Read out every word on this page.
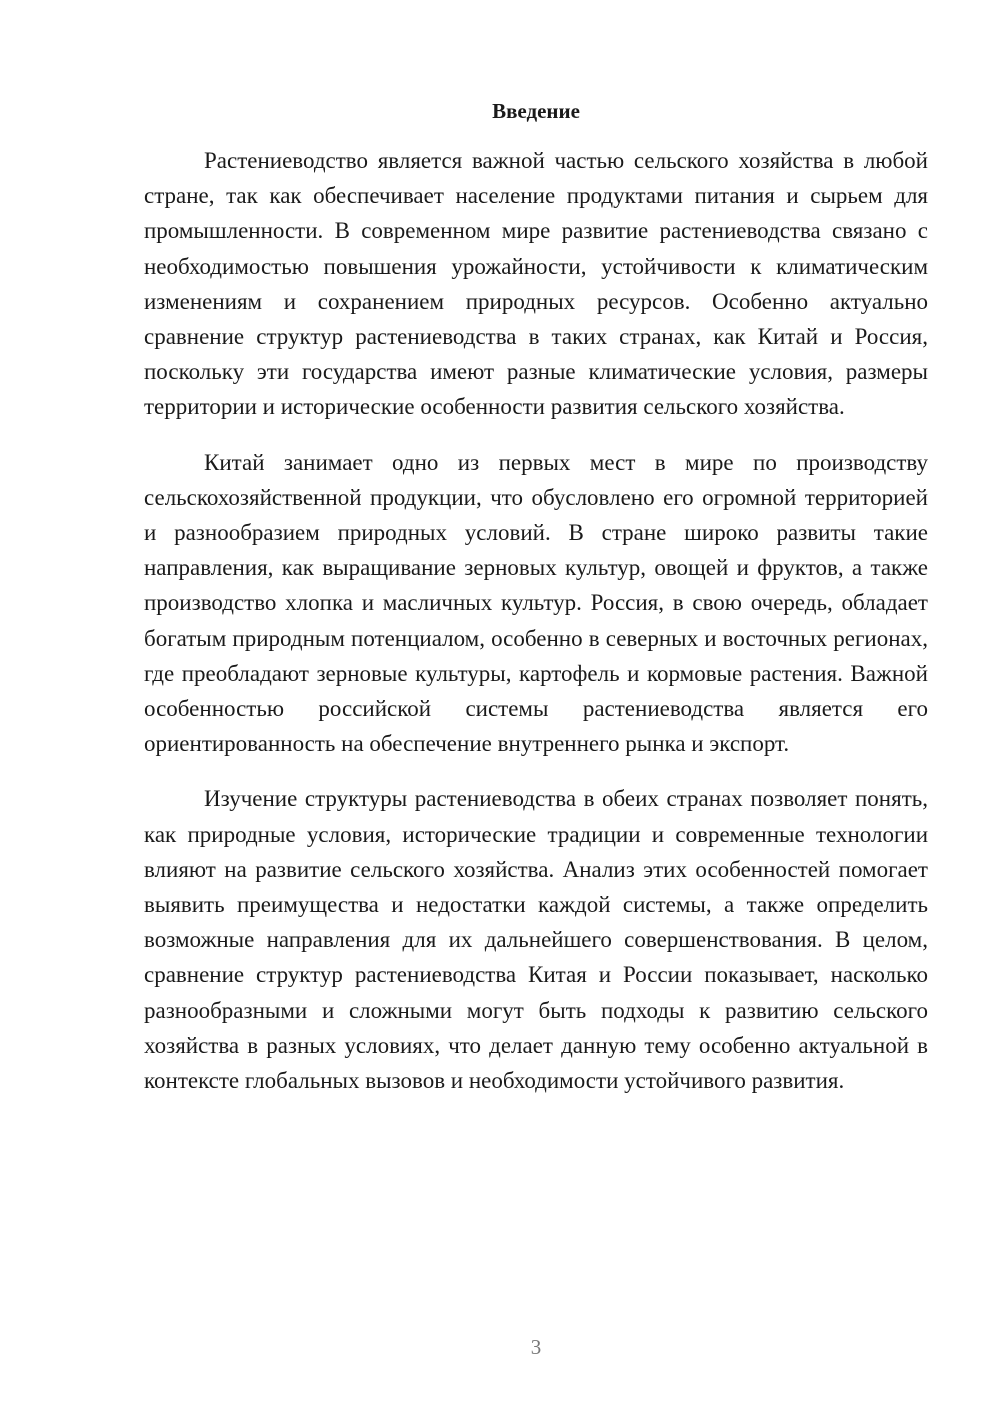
Введение

Растениеводство является важной частью сельского хозяйства в любой стране, так как обеспечивает население продуктами питания и сырьем для промышленности. В современном мире развитие растениеводства связано с необходимостью повышения урожайности, устойчивости к климатическим изменениям и сохранением природных ресурсов. Особенно актуально сравнение структур растениеводства в таких странах, как Китай и Россия, поскольку эти государства имеют разные климатические условия, размеры территории и исторические особенности развития сельского хозяйства.

Китай занимает одно из первых мест в мире по производству сельскохозяйственной продукции, что обусловлено его огромной территорией и разнообразием природных условий. В стране широко развиты такие направления, как выращивание зерновых культур, овощей и фруктов, а также производство хлопка и масличных культур. Россия, в свою очередь, обладает богатым природным потенциалом, особенно в северных и восточных регионах, где преобладают зерновые культуры, картофель и кормовые растения. Важной особенностью российской системы растениеводства является его ориентированность на обеспечение внутреннего рынка и экспорт.

Изучение структуры растениеводства в обеих странах позволяет понять, как природные условия, исторические традиции и современные технологии влияют на развитие сельского хозяйства. Анализ этих особенностей помогает выявить преимущества и недостатки каждой системы, а также определить возможные направления для их дальнейшего совершенствования. В целом, сравнение структур растениеводства Китая и России показывает, насколько разнообразными и сложными могут быть подходы к развитию сельского хозяйства в разных условиях, что делает данную тему особенно актуальной в контексте глобальных вызовов и необходимости устойчивого развития.

3
